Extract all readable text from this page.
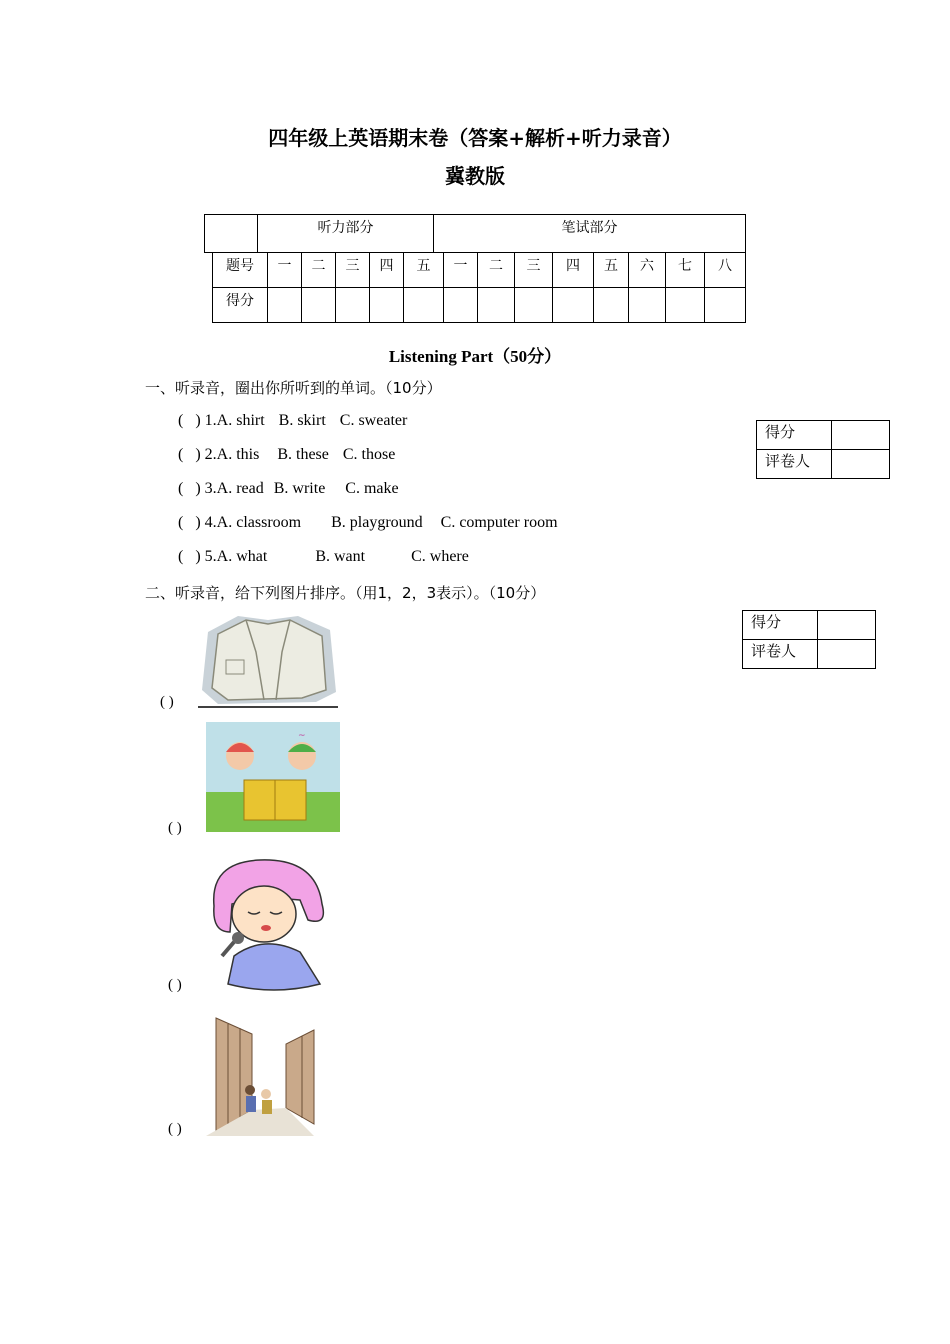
四年级上英语期末卷（答案+解析+听力录音）
冀教版
	听力部分	笔试部分
题号	一	二	三	四	五	一	二	三	四	五	六	七	八
得分													
Listening Part（50分）
一、听录音，圈出你所听到的单词。（10分）
( ) 1.A. shirt B. skirt C. sweater
( ) 2.A. this B. these C. those
( ) 3.A. read B. write C. make
( ) 4.A. classroom B. playground C. computer room
( ) 5.A. what	B. want	C. where
得分	
评卷人	
二、听录音，给下列图片排序。（用1，2，3表示）。（10分）
得分	
评卷人	
( )
( )
~
( )
( )
